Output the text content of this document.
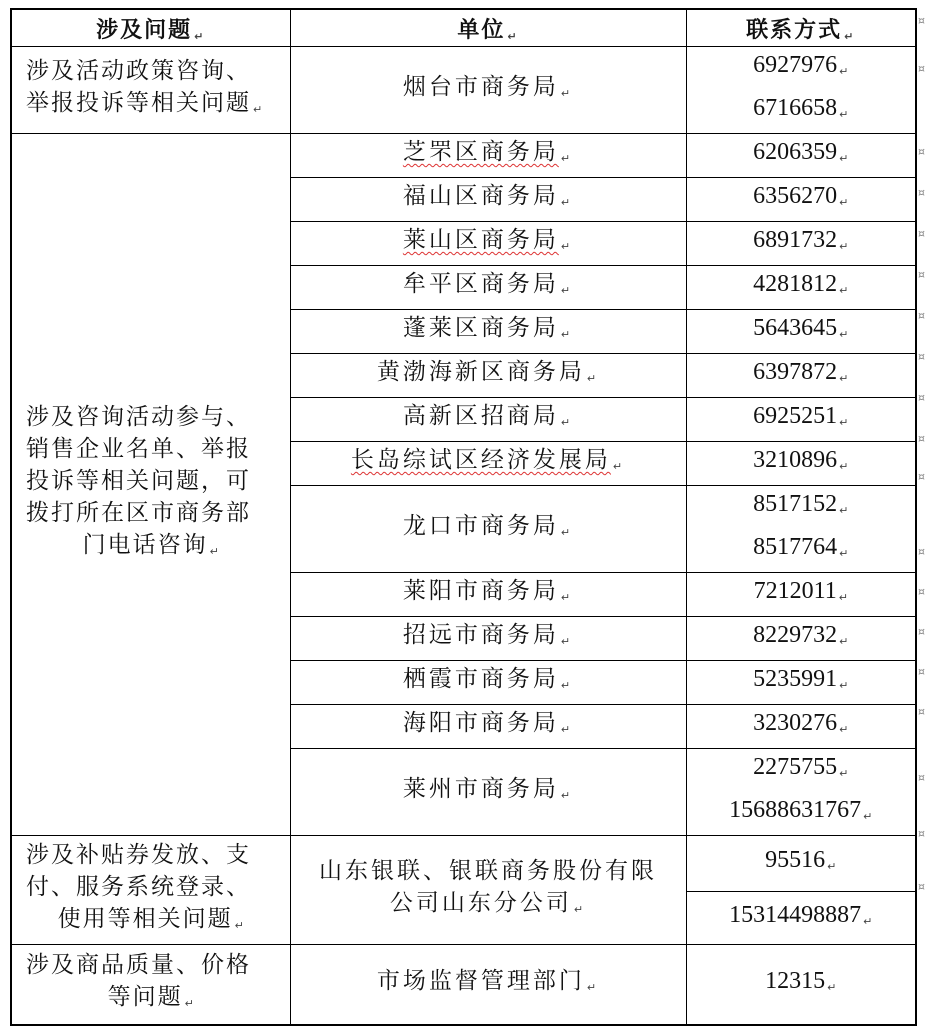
涉及问题 ↵	单位 ↵	联系方式 ↵
涉及活动政策咨询、
举报投诉等相关问题 ↵	烟台市商务局 ↵	6927976 ↵
6716658 ↵
涉及咨询活动参与、
销售企业名单、举报
投诉等相关问题，可
拨打所在区市商务部

门电话咨询 ↵	芝罘区商务局 ↵	6206359 ↵
	福山区商务局 ↵	6356270 ↵
	莱山区商务局 ↵	6891732 ↵
	牟平区商务局 ↵	4281812 ↵
	蓬莱区商务局 ↵	5643645 ↵
	黄渤海新区商务局 ↵	6397872 ↵
	高新区招商局 ↵	6925251 ↵
	长岛综试区经济发展局 ↵	3210896 ↵
	龙口市商务局 ↵	8517152 ↵
8517764 ↵
	莱阳市商务局 ↵	7212011 ↵
	招远市商务局 ↵	8229732 ↵
	栖霞市商务局 ↵	5235991 ↵
	海阳市商务局 ↵	3230276 ↵
	莱州市商务局 ↵	2275755 ↵
15688631767 ↵
涉及补贴券发放、支
付、服务系统登录、

使用等相关问题 ↵	山东银联、银联商务股份有限
公司山东分公司 ↵	95516 ↵
		15314498887 ↵
涉及商品质量、价格

等问题 ↵	市场监督管理部门 ↵	12315 ↵
¤
¤
¤
¤
¤
¤
¤
¤
¤
¤
¤
¤
¤
¤
¤
¤
¤
¤
¤
